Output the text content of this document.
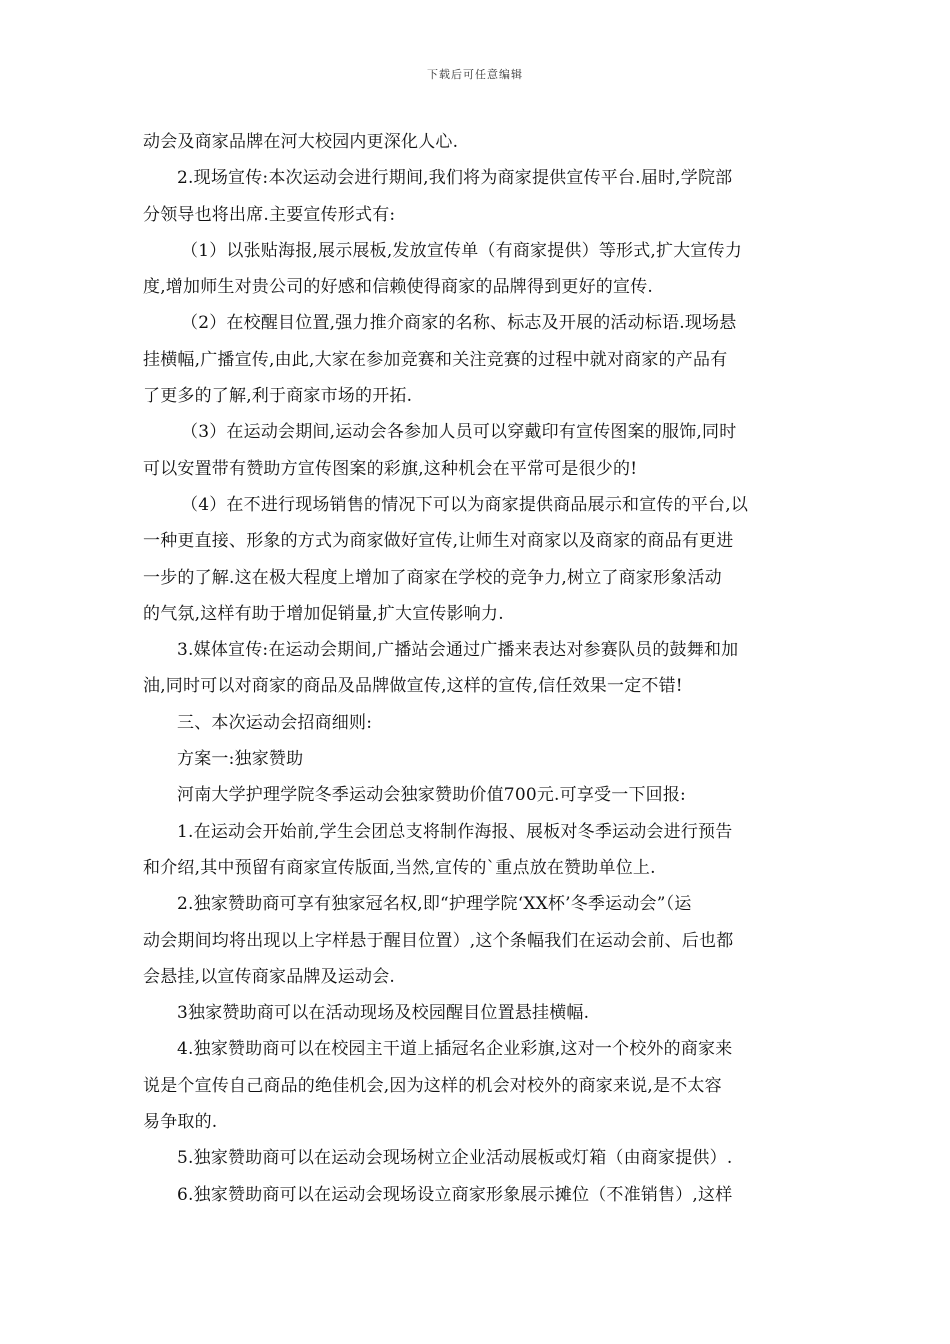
下载后可任意编辑
动会及商家品牌在河大校园内更深化人心.
2.现场宣传:本次运动会进行期间,我们将为商家提供宣传平台.届时,学院部
分领导也将出席.主要宣传形式有:
（1）以张贴海报,展示展板,发放宣传单（有商家提供）等形式,扩大宣传力
度,增加师生对贵公司的好感和信赖使得商家的品牌得到更好的宣传.
（2）在校醒目位置,强力推介商家的名称、标志及开展的活动标语.现场悬
挂横幅,广播宣传,由此,大家在参加竞赛和关注竞赛的过程中就对商家的产品有
了更多的了解,利于商家市场的开拓.
（3）在运动会期间,运动会各参加人员可以穿戴印有宣传图案的服饰,同时
可以安置带有赞助方宣传图案的彩旗,这种机会在平常可是很少的!
（4）在不进行现场销售的情况下可以为商家提供商品展示和宣传的平台,以
一种更直接、形象的方式为商家做好宣传,让师生对商家以及商家的商品有更进
一步的了解.这在极大程度上增加了商家在学校的竞争力,树立了商家形象活动
的气氛,这样有助于增加促销量,扩大宣传影响力.
3.媒体宣传:在运动会期间,广播站会通过广播来表达对参赛队员的鼓舞和加
油,同时可以对商家的商品及品牌做宣传,这样的宣传,信任效果一定不错!
三、本次运动会招商细则:
方案一:独家赞助
河南大学护理学院冬季运动会独家赞助价值700元.可享受一下回报:
1.在运动会开始前,学生会团总支将制作海报、展板对冬季运动会进行预告
和介绍,其中预留有商家宣传版面,当然,宣传的`重点放在赞助单位上.
2.独家赞助商可享有独家冠名权,即“护理学院‘XX杯’冬季运动会”（运
动会期间均将出现以上字样悬于醒目位置）,这个条幅我们在运动会前、后也都
会悬挂,以宣传商家品牌及运动会.
3独家赞助商可以在活动现场及校园醒目位置悬挂横幅.
4.独家赞助商可以在校园主干道上插冠名企业彩旗,这对一个校外的商家来
说是个宣传自己商品的绝佳机会,因为这样的机会对校外的商家来说,是不太容
易争取的.
5.独家赞助商可以在运动会现场树立企业活动展板或灯箱（由商家提供）.
6.独家赞助商可以在运动会现场设立商家形象展示摊位（不准销售）,这样
